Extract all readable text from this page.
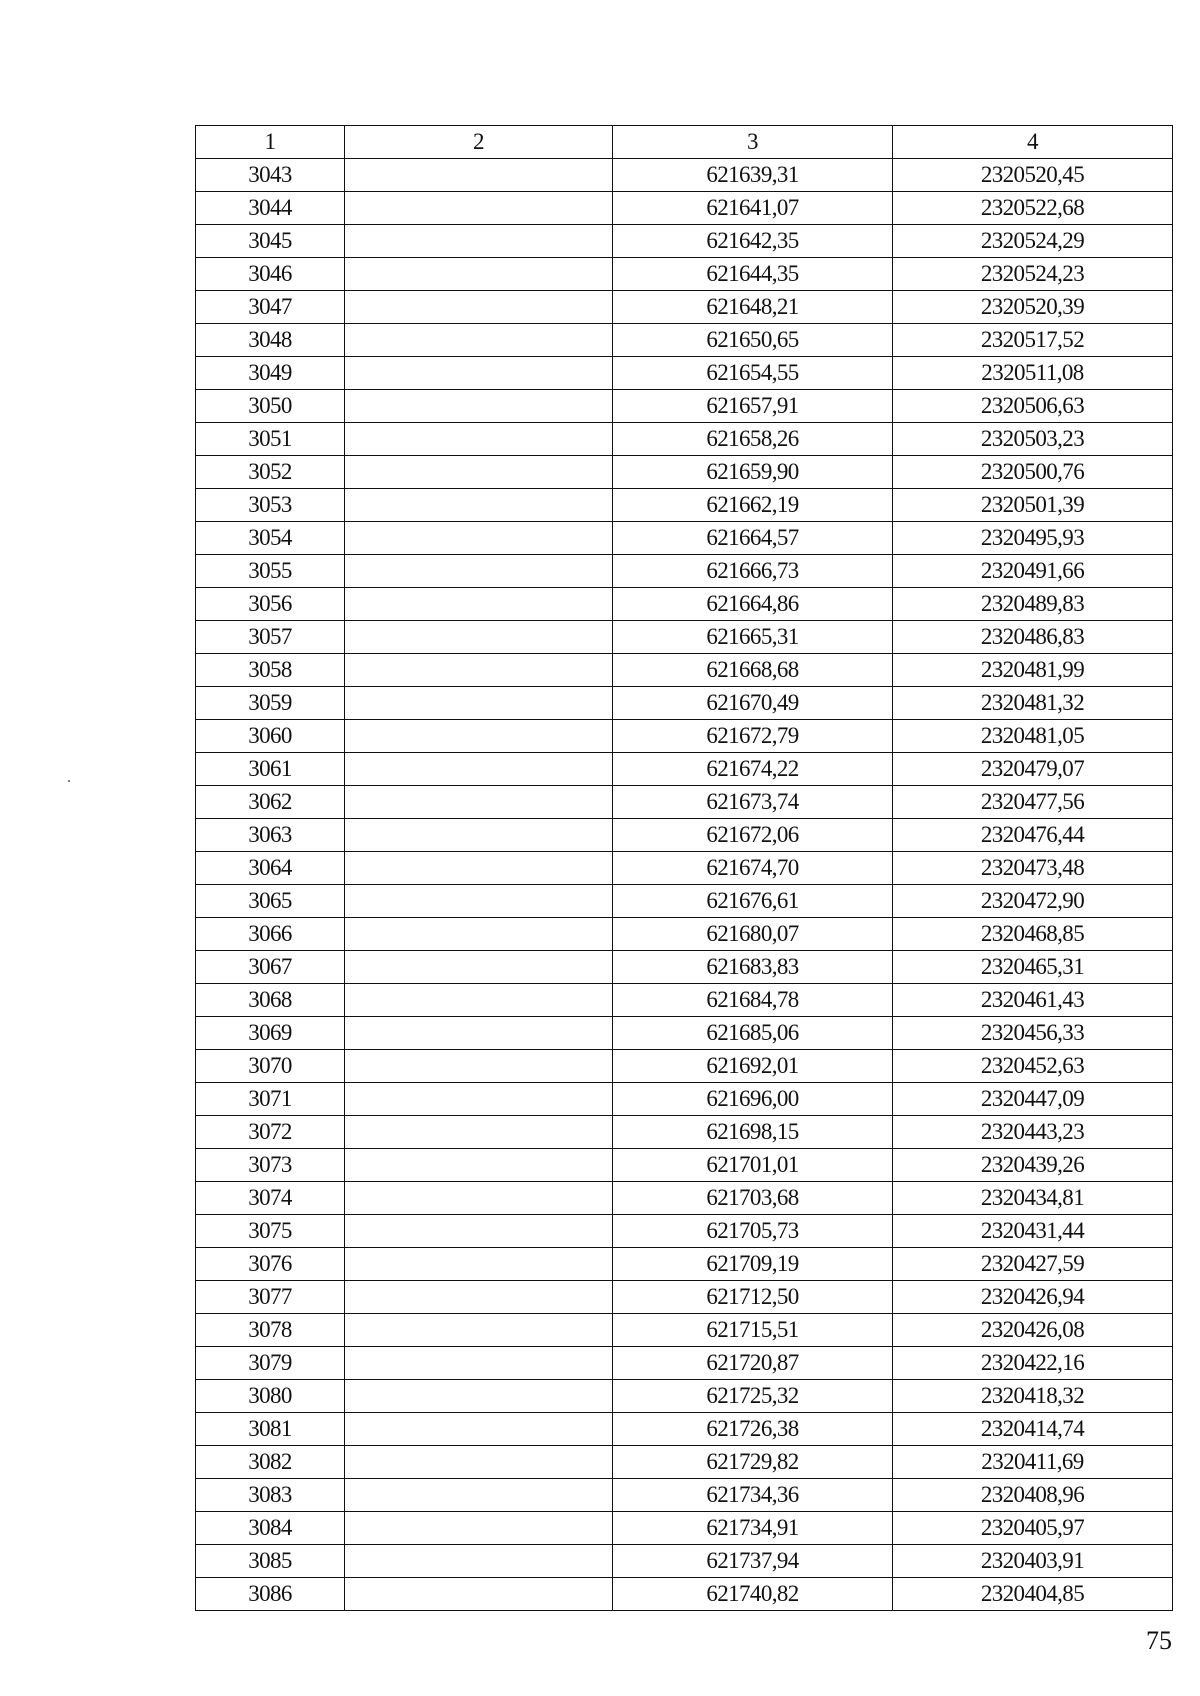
1	2	3	4
3043		621639,31	2320520,45
3044		621641,07	2320522,68
3045		621642,35	2320524,29
3046		621644,35	2320524,23
3047		621648,21	2320520,39
3048		621650,65	2320517,52
3049		621654,55	2320511,08
3050		621657,91	2320506,63
3051		621658,26	2320503,23
3052		621659,90	2320500,76
3053		621662,19	2320501,39
3054		621664,57	2320495,93
3055		621666,73	2320491,66
3056		621664,86	2320489,83
3057		621665,31	2320486,83
3058		621668,68	2320481,99
3059		621670,49	2320481,32
3060		621672,79	2320481,05
3061		621674,22	2320479,07
3062		621673,74	2320477,56
3063		621672,06	2320476,44
3064		621674,70	2320473,48
3065		621676,61	2320472,90
3066		621680,07	2320468,85
3067		621683,83	2320465,31
3068		621684,78	2320461,43
3069		621685,06	2320456,33
3070		621692,01	2320452,63
3071		621696,00	2320447,09
3072		621698,15	2320443,23
3073		621701,01	2320439,26
3074		621703,68	2320434,81
3075		621705,73	2320431,44
3076		621709,19	2320427,59
3077		621712,50	2320426,94
3078		621715,51	2320426,08
3079		621720,87	2320422,16
3080		621725,32	2320418,32
3081		621726,38	2320414,74
3082		621729,82	2320411,69
3083		621734,36	2320408,96
3084		621734,91	2320405,97
3085		621737,94	2320403,91
3086		621740,82	2320404,85
75
